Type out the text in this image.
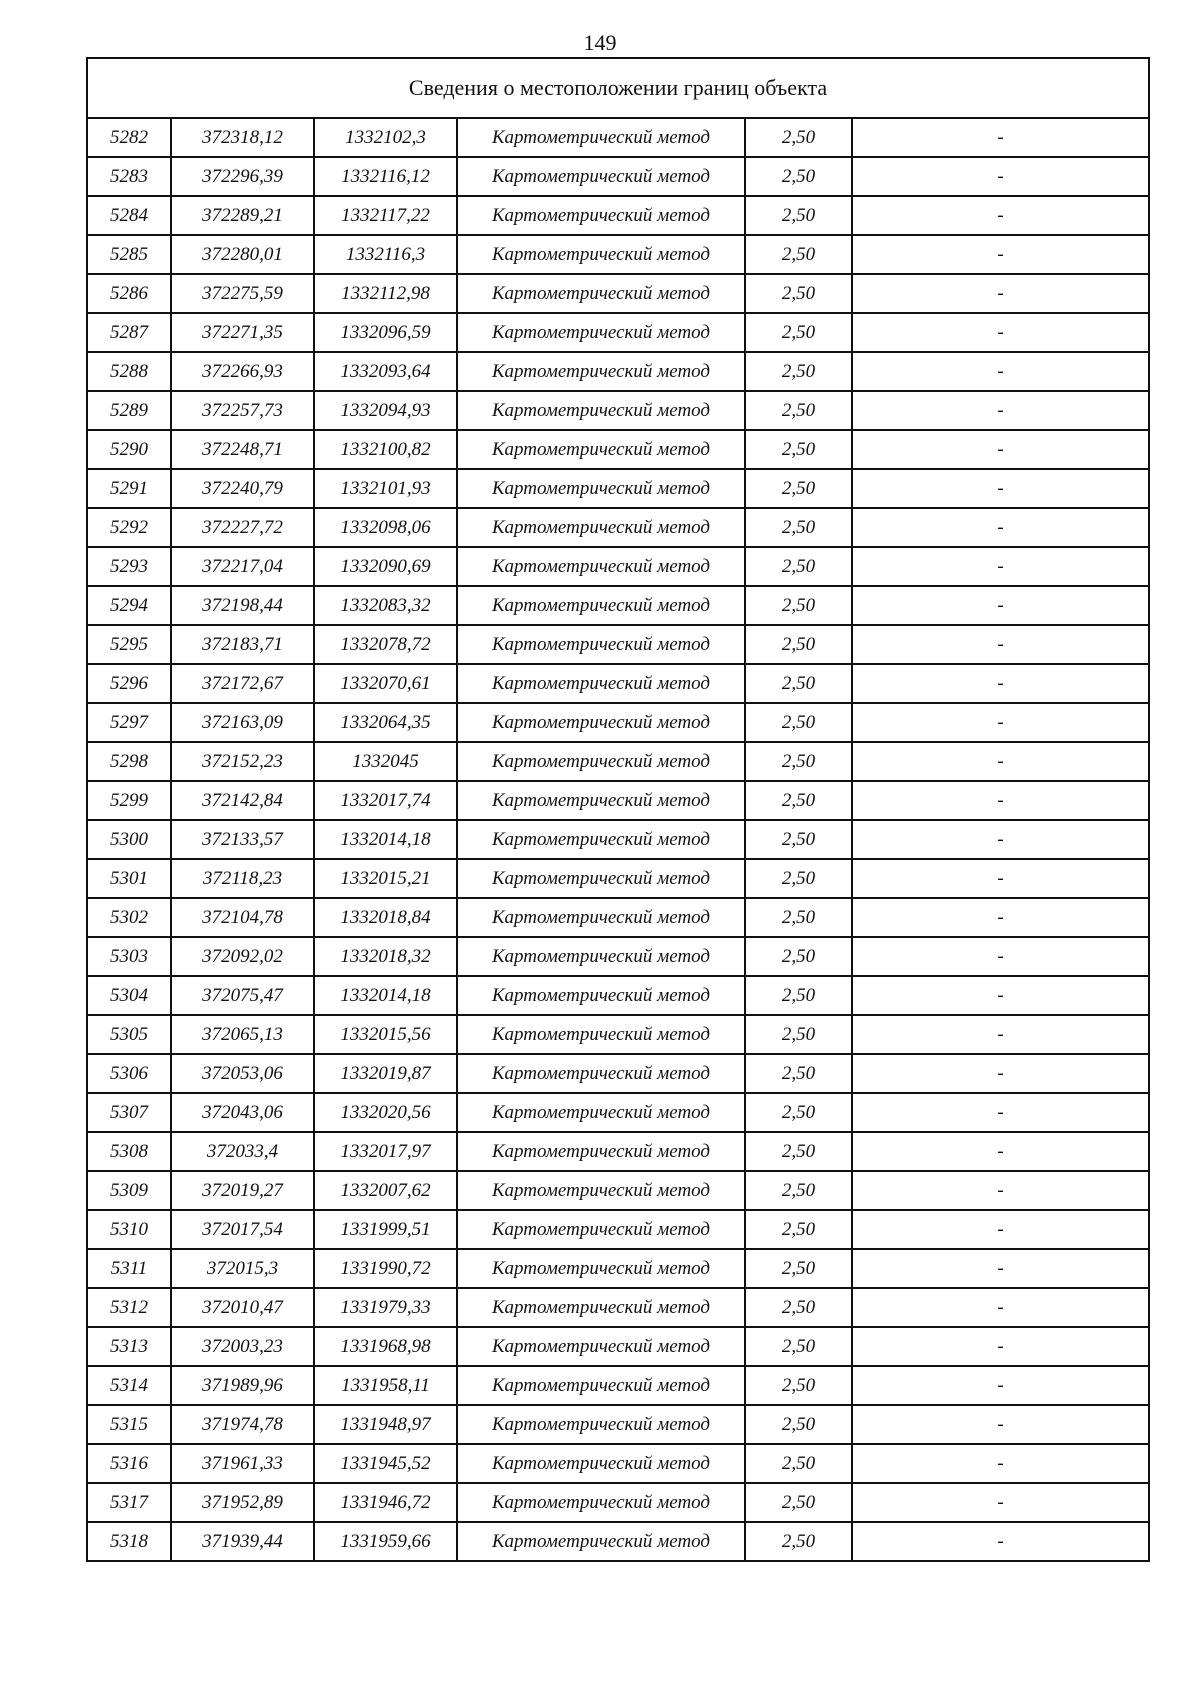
149
Сведения о местоположении границ объекта					
5282	372318,12	1332102,3	Картометрический метод	2,50	-
5283	372296,39	1332116,12	Картометрический метод	2,50	-
5284	372289,21	1332117,22	Картометрический метод	2,50	-
5285	372280,01	1332116,3	Картометрический метод	2,50	-
5286	372275,59	1332112,98	Картометрический метод	2,50	-
5287	372271,35	1332096,59	Картометрический метод	2,50	-
5288	372266,93	1332093,64	Картометрический метод	2,50	-
5289	372257,73	1332094,93	Картометрический метод	2,50	-
5290	372248,71	1332100,82	Картометрический метод	2,50	-
5291	372240,79	1332101,93	Картометрический метод	2,50	-
5292	372227,72	1332098,06	Картометрический метод	2,50	-
5293	372217,04	1332090,69	Картометрический метод	2,50	-
5294	372198,44	1332083,32	Картометрический метод	2,50	-
5295	372183,71	1332078,72	Картометрический метод	2,50	-
5296	372172,67	1332070,61	Картометрический метод	2,50	-
5297	372163,09	1332064,35	Картометрический метод	2,50	-
5298	372152,23	1332045	Картометрический метод	2,50	-
5299	372142,84	1332017,74	Картометрический метод	2,50	-
5300	372133,57	1332014,18	Картометрический метод	2,50	-
5301	372118,23	1332015,21	Картометрический метод	2,50	-
5302	372104,78	1332018,84	Картометрический метод	2,50	-
5303	372092,02	1332018,32	Картометрический метод	2,50	-
5304	372075,47	1332014,18	Картометрический метод	2,50	-
5305	372065,13	1332015,56	Картометрический метод	2,50	-
5306	372053,06	1332019,87	Картометрический метод	2,50	-
5307	372043,06	1332020,56	Картометрический метод	2,50	-
5308	372033,4	1332017,97	Картометрический метод	2,50	-
5309	372019,27	1332007,62	Картометрический метод	2,50	-
5310	372017,54	1331999,51	Картометрический метод	2,50	-
5311	372015,3	1331990,72	Картометрический метод	2,50	-
5312	372010,47	1331979,33	Картометрический метод	2,50	-
5313	372003,23	1331968,98	Картометрический метод	2,50	-
5314	371989,96	1331958,11	Картометрический метод	2,50	-
5315	371974,78	1331948,97	Картометрический метод	2,50	-
5316	371961,33	1331945,52	Картометрический метод	2,50	-
5317	371952,89	1331946,72	Картометрический метод	2,50	-
5318	371939,44	1331959,66	Картометрический метод	2,50	-
